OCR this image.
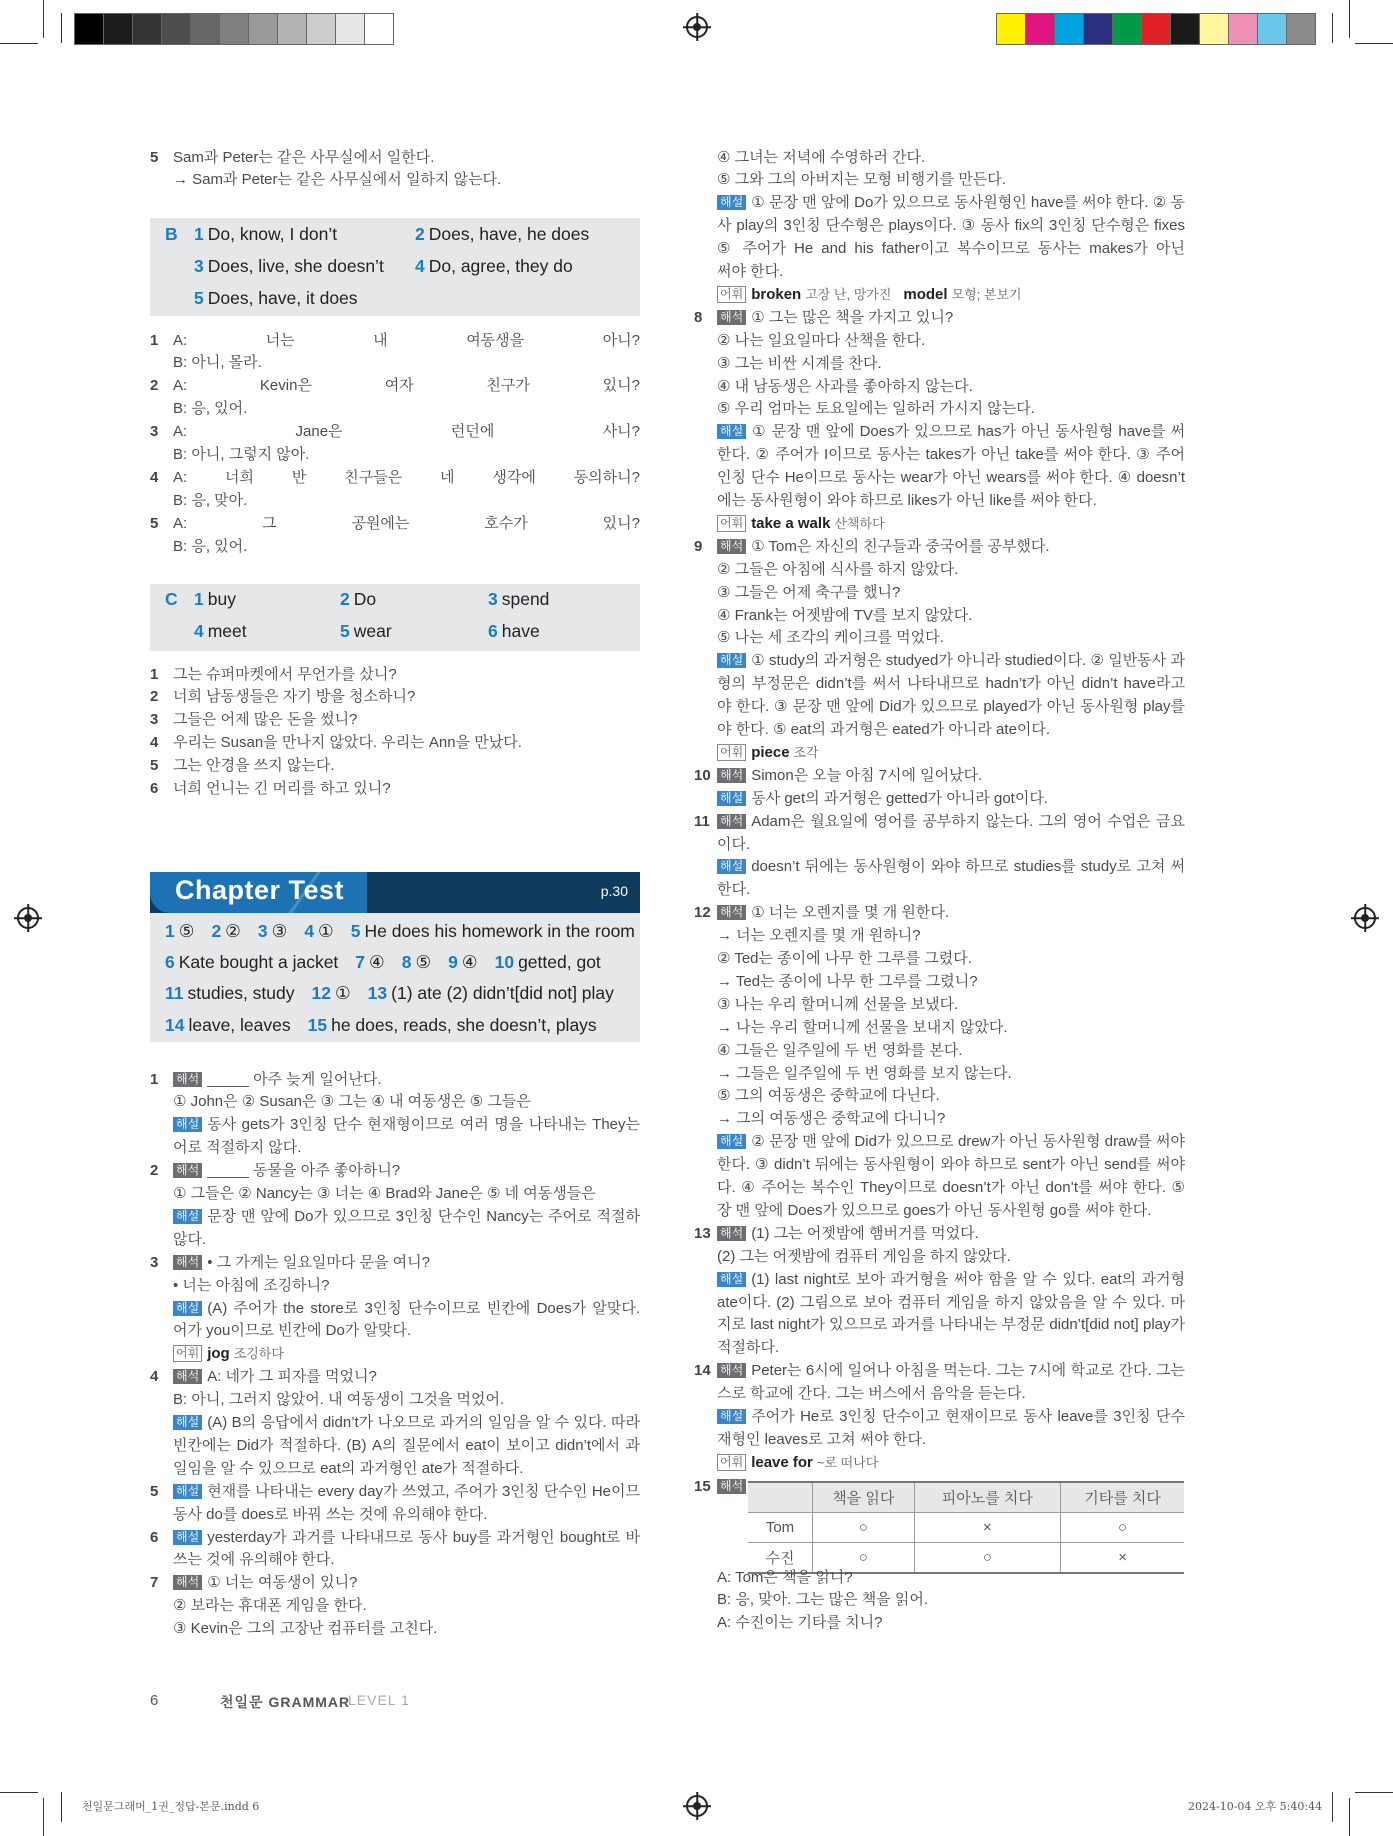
5 Sam과 Peter는 같은 사무실에서 일한다.
→ Sam과 Peter는 같은 사무실에서 일하지 않는다.
B 1 Do, know, I don’t	2 Does, have, he does
3 Does, live, she doesn’t 4 Do, agree, they do
5 Does, have, it does
1 A: 너는 내 여동생을 아니?
B: 아니, 몰라.
2 A: Kevin은 여자 친구가 있니?
B: 응, 있어.
3 A: Jane은 런던에 사니?
B: 아니, 그렇지 않아.
4 A: 너희 반 친구들은 네 생각에 동의하니?
B: 응, 맞아.
5 A: 그 공원에는 호수가 있니?
B: 응, 있어.
C 1 buy	2 Do	3 spend
4 meet	5 wear	6 have
1 그는 슈퍼마켓에서 무언가를 샀니?
2 너희 남동생들은 자기 방을 청소하니?
3 그들은 어제 많은 돈을 썼니?
4 우리는 Susan을 만나지 않았다. 우리는 Ann을 만났다.
5 그는 안경을 쓰지 않는다.
6 너희 언니는 긴 머리를 하고 있니?
Chapter Test	p.30
1 ⑤ 2 ② 3 ③ 4 ① 5 He does his homework in the room
6 Kate bought a jacket 7 ④ 8 ⑤ 9 ④ 10 getted, got
11 studies, study 12 ① 13 (1) ate (2) didn’t[did not] play
14 leave, leaves 15 he does, reads, she doesn’t, plays
1 해석 _____ 아주 늦게 일어난다.
① John은 ② Susan은 ③ 그는 ④ 내 여동생은 ⑤ 그들은
해설 동사 gets가 3인칭 단수 현재형이므로 여러 명을 나타내는 They는
어로 적절하지 않다.
2 해석 _____ 동물을 아주 좋아하니?
① 그들은 ② Nancy는 ③ 너는 ④ Brad와 Jane은 ⑤ 네 여동생들은
해설 문장 맨 앞에 Do가 있으므로 3인칭 단수인 Nancy는 주어로 적절하
않다.
3 해석 • 그 가게는 일요일마다 문을 여니?
• 너는 아침에 조깅하니?
해설 (A) 주어가 the store로 3인칭 단수이므로 빈칸에 Does가 알맞다.
어가 you이므로 빈칸에 Do가 알맞다.
어휘 jog 조깅하다
4 해석 A: 네가 그 피자를 먹었니?
B: 아니, 그러지 않았어. 내 여동생이 그것을 먹었어.
해설 (A) B의 응답에서 didn’t가 나오므로 과거의 일임을 알 수 있다. 따라
빈칸에는 Did가 적절하다. (B) A의 질문에서 eat이 보이고 didn’t에서 과
일임을 알 수 있으므로 eat의 과거형인 ate가 적절하다.
5 해설 현재를 나타내는 every day가 쓰였고, 주어가 3인칭 단수인 He이므
동사 do를 does로 바꿔 쓰는 것에 유의해야 한다.
6 해설 yesterday가 과거를 나타내므로 동사 buy를 과거형인 bought로 바
쓰는 것에 유의해야 한다.
7 해석 ① 너는 여동생이 있니?
② 보라는 휴대폰 게임을 한다.
③ Kevin은 그의 고장난 컴퓨터를 고친다.
④ 그녀는 저녁에 수영하러 간다.
⑤ 그와 그의 아버지는 모형 비행기를 만든다.
해설 ① 문장 맨 앞에 Do가 있으므로 동사원형인 have를 써야 한다. ② 동
사 play의 3인칭 단수형은 plays이다. ③ 동사 fix의 3인칭 단수형은 fixes
⑤ 주어가 He and his father이고 복수이므로 동사는 makes가 아닌
써야 한다.
어휘 broken 고장 난, 망가진 model 모형; 본보기
8 해석 ① 그는 많은 책을 가지고 있니?
② 나는 일요일마다 산책을 한다.
③ 그는 비싼 시계를 찬다.
④ 내 남동생은 사과를 좋아하지 않는다.
⑤ 우리 엄마는 토요일에는 일하러 가시지 않는다.
해설 ① 문장 맨 앞에 Does가 있으므로 has가 아닌 동사원형 have를 써
한다. ② 주어가 I이므로 동사는 takes가 아닌 take를 써야 한다. ③ 주어
인칭 단수 He이므로 동사는 wear가 아닌 wears를 써야 한다. ④ doesn’t
에는 동사원형이 와야 하므로 likes가 아닌 like를 써야 한다.
어휘 take a walk 산책하다
9 해석 ① Tom은 자신의 친구들과 중국어를 공부했다.
② 그들은 아침에 식사를 하지 않았다.
③ 그들은 어제 축구를 했니?
④ Frank는 어젯밤에 TV를 보지 않았다.
⑤ 나는 세 조각의 케이크를 먹었다.
해설 ① study의 과거형은 studyed가 아니라 studied이다. ② 일반동사 과
형의 부정문은 didn’t를 써서 나타내므로 hadn’t가 아닌 didn’t have라고
야 한다. ③ 문장 맨 앞에 Did가 있으므로 played가 아닌 동사원형 play를
야 한다. ⑤ eat의 과거형은 eated가 아니라 ate이다.
어휘 piece 조각
10 해석 Simon은 오늘 아침 7시에 일어났다.
해설 동사 get의 과거형은 getted가 아니라 got이다.
11 해석 Adam은 월요일에 영어를 공부하지 않는다. 그의 영어 수업은 금요
이다.
해설 doesn’t 뒤에는 동사원형이 와야 하므로 studies를 study로 고쳐 써
한다.
12 해석 ① 너는 오렌지를 몇 개 원한다.
→ 너는 오렌지를 몇 개 원하니?
② Ted는 종이에 나무 한 그루를 그렸다.
→ Ted는 종이에 나무 한 그루를 그렸니?
③ 나는 우리 할머니께 선물을 보냈다.
→ 나는 우리 할머니께 선물을 보내지 않았다.
④ 그들은 일주일에 두 번 영화를 본다.
→ 그들은 일주일에 두 번 영화를 보지 않는다.
⑤ 그의 여동생은 중학교에 다닌다.
→ 그의 여동생은 중학교에 다니니?
해설 ② 문장 맨 앞에 Did가 있으므로 drew가 아닌 동사원형 draw를 써야
한다. ③ didn’t 뒤에는 동사원형이 와야 하므로 sent가 아닌 send를 써야
다. ④ 주어는 복수인 They이므로 doesn’t가 아닌 don’t를 써야 한다. ⑤
장 맨 앞에 Does가 있으므로 goes가 아닌 동사원형 go를 써야 한다.
13 해석 (1) 그는 어젯밤에 햄버거를 먹었다.
(2) 그는 어젯밤에 컴퓨터 게임을 하지 않았다.
해설 (1) last night로 보아 과거형을 써야 함을 알 수 있다. eat의 과거형
ate이다. (2) 그림으로 보아 컴퓨터 게임을 하지 않았음을 알 수 있다. 마
지로 last night가 있으므로 과거를 나타내는 부정문 didn’t[did not] play가
적절하다.
14 해석 Peter는 6시에 일어나 아침을 먹는다. 그는 7시에 학교로 간다. 그는
스로 학교에 간다. 그는 버스에서 음악을 듣는다.
해설 주어가 He로 3인칭 단수이고 현재이므로 동사 leave를 3인칭 단수
재형인 leaves로 고쳐 써야 한다.
어휘 leave for ~로 떠나다
15 해석
	책을 읽다	피아노를 치다	기타를 치다
Tom	○	×	○
수진	○	○	×
A: Tom은 책을 읽니?
B: 응, 맞아. 그는 많은 책을 읽어.
A: 수진이는 기타를 치니?
6	천일문 GRAMMAR
LEVEL 1
천일문그래머_1권_정답-본문.indd 6	2024-10-04 오후 5:40:44
